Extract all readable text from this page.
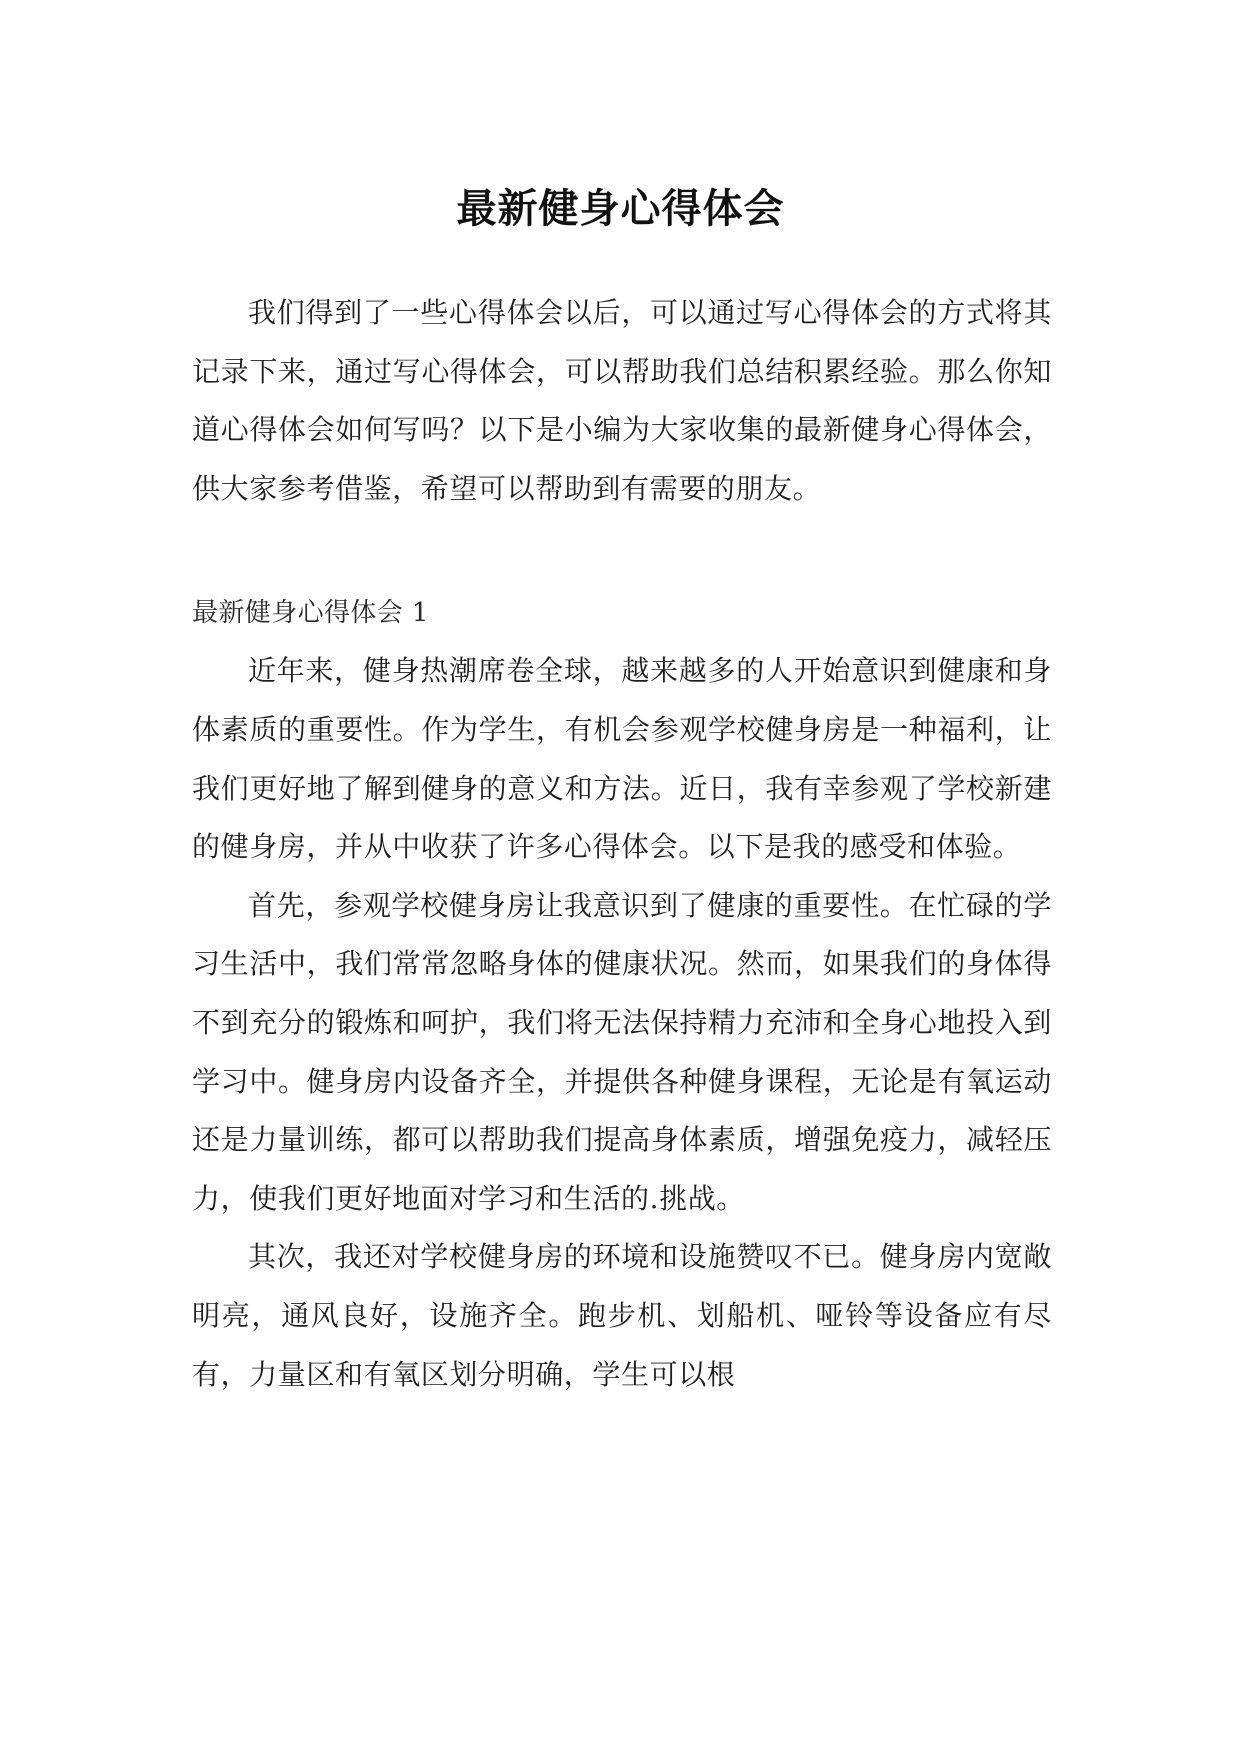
最新健身心得体会

我们得到了一些心得体会以后，可以通过写心得体会的方式将其记录下来，通过写心得体会，可以帮助我们总结积累经验。那么你知道心得体会如何写吗？以下是小编为大家收集的最新健身心得体会，供大家参考借鉴，希望可以帮助到有需要的朋友。

最新健身心得体会 1

近年来，健身热潮席卷全球，越来越多的人开始意识到健康和身体素质的重要性。作为学生，有机会参观学校健身房是一种福利，让我们更好地了解到健身的意义和方法。近日，我有幸参观了学校新建的健身房，并从中收获了许多心得体会。以下是我的感受和体验。

首先，参观学校健身房让我意识到了健康的重要性。在忙碌的学习生活中，我们常常忽略身体的健康状况。然而，如果我们的身体得不到充分的锻炼和呵护，我们将无法保持精力充沛和全身心地投入到学习中。健身房内设备齐全，并提供各种健身课程，无论是有氧运动还是力量训练，都可以帮助我们提高身体素质，增强免疫力，减轻压力，使我们更好地面对学习和生活的.挑战。

其次，我还对学校健身房的环境和设施赞叹不已。健身房内宽敞明亮，通风良好，设施齐全。跑步机、划船机、哑铃等设备应有尽有，力量区和有氧区划分明确，学生可以根
